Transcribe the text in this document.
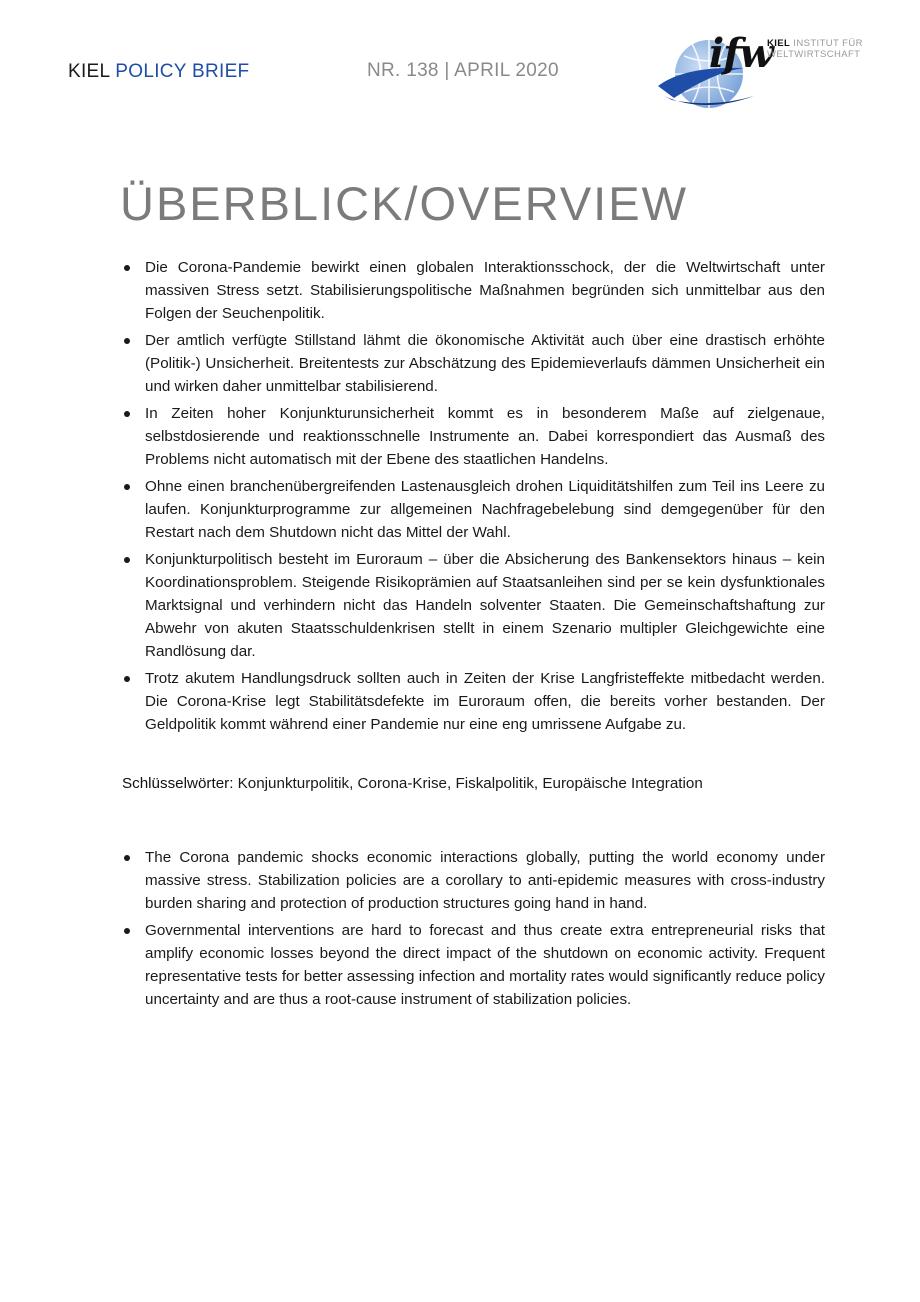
KIEL POLICY BRIEF	NR. 138 | APRIL 2020	ifw
KIEL INSTITUT FÜR
WELTWIRTSCHAFT
ÜBERBLICK/OVERVIEW
Die Corona-Pandemie bewirkt einen globalen Interaktionsschock, der die Weltwirtschaft unter massiven Stress setzt. Stabilisierungspolitische Maßnahmen begründen sich unmittelbar aus den Folgen der Seuchenpolitik.
Der amtlich verfügte Stillstand lähmt die ökonomische Aktivität auch über eine drastisch erhöhte (Politik-) Unsicherheit. Breitentests zur Abschätzung des Epidemieverlaufs dämmen Unsicherheit ein und wirken daher unmittelbar stabilisierend.
In Zeiten hoher Konjunkturunsicherheit kommt es in besonderem Maße auf zielgenaue, selbstdosierende und reaktionsschnelle Instrumente an. Dabei korrespondiert das Ausmaß des Problems nicht automatisch mit der Ebene des staatlichen Handelns.
Ohne einen branchenübergreifenden Lastenausgleich drohen Liquiditätshilfen zum Teil ins Leere zu laufen. Konjunkturprogramme zur allgemeinen Nachfragebelebung sind demgegenüber für den Restart nach dem Shutdown nicht das Mittel der Wahl.
Konjunkturpolitisch besteht im Euroraum – über die Absicherung des Bankensektors hinaus – kein Koordinationsproblem. Steigende Risikoprämien auf Staatsanleihen sind per se kein dysfunktionales Marktsignal und verhindern nicht das Handeln solventer Staaten. Die Gemeinschaftshaftung zur Abwehr von akuten Staatsschuldenkrisen stellt in einem Szenario multipler Gleichgewichte eine Randlösung dar.
Trotz akutem Handlungsdruck sollten auch in Zeiten der Krise Langfristeffekte mitbedacht werden. Die Corona-Krise legt Stabilitätsdefekte im Euroraum offen, die bereits vorher bestanden. Der Geldpolitik kommt während einer Pandemie nur eine eng umrissene Aufgabe zu.
Schlüsselwörter: Konjunkturpolitik, Corona-Krise, Fiskalpolitik, Europäische Integration
The Corona pandemic shocks economic interactions globally, putting the world economy under massive stress. Stabilization policies are a corollary to anti-epidemic measures with cross-industry burden sharing and protection of production structures going hand in hand.
Governmental interventions are hard to forecast and thus create extra entrepreneurial risks that amplify economic losses beyond the direct impact of the shutdown on economic activity. Frequent representative tests for better assessing infection and mortality rates would significantly reduce policy uncertainty and are thus a root-cause instrument of stabilization policies.
